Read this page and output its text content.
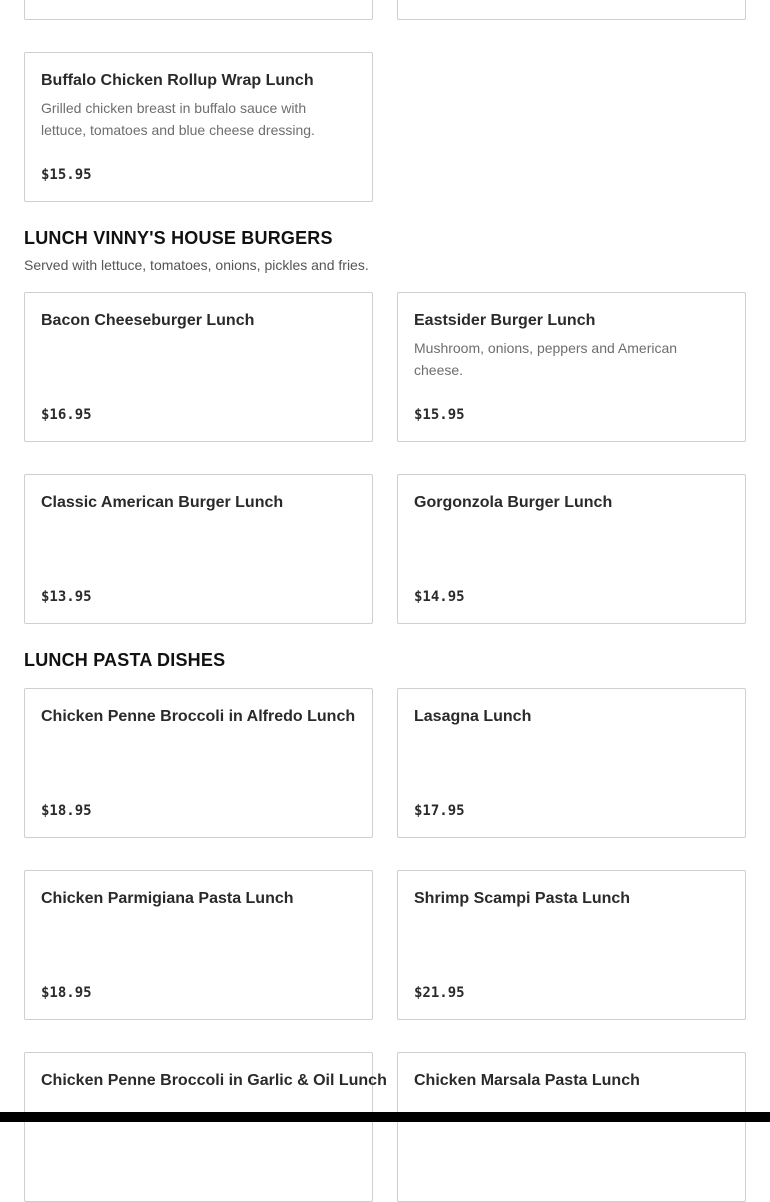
Buffalo Chicken Rollup Wrap Lunch
Grilled chicken breast in buffalo sauce with lettuce, tomatoes and blue cheese dressing.
$15.95
LUNCH VINNY'S HOUSE BURGERS
Served with lettuce, tomatoes, onions, pickles and fries.
Bacon Cheeseburger Lunch
$16.95
Eastsider Burger Lunch
Mushroom, onions, peppers and American cheese.
$15.95
Classic American Burger Lunch
$13.95
Gorgonzola Burger Lunch
$14.95
LUNCH PASTA DISHES
Chicken Penne Broccoli in Alfredo Lunch
$18.95
Lasagna Lunch
$17.95
Chicken Parmigiana Pasta Lunch
$18.95
Shrimp Scampi Pasta Lunch
$21.95
Chicken Penne Broccoli in Garlic & Oil Lunch Chicken Marsala Pasta Lunch
